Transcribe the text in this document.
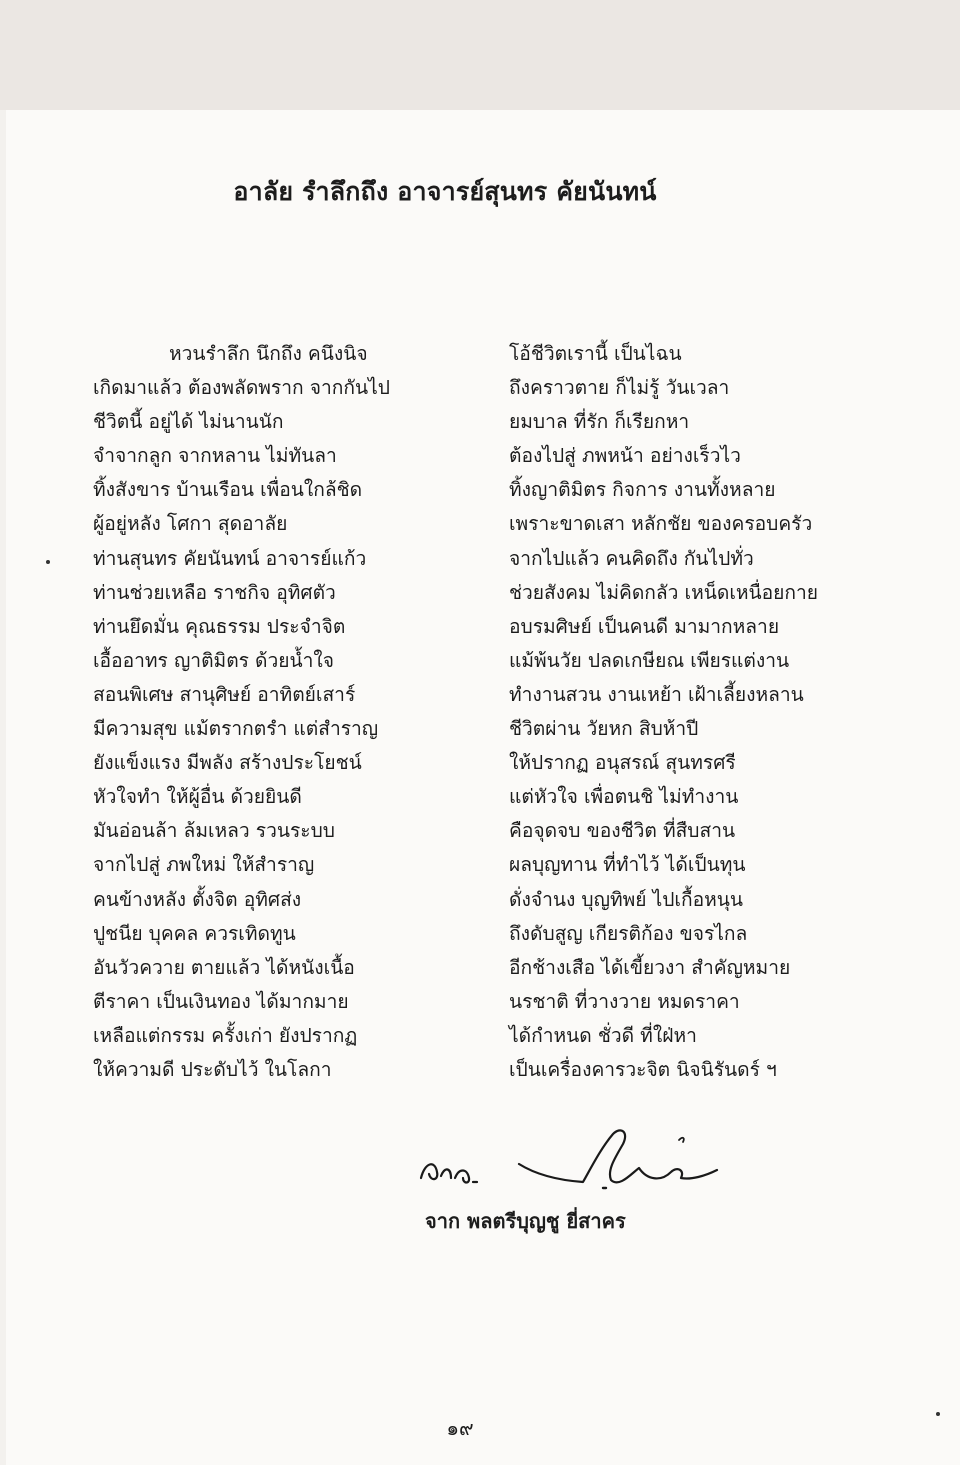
อาลัย รำลึกถึง อาจารย์สุนทร คัยนันทน์
หวนรำลึก นึกถึง คนึงนิจ
เกิดมาแล้ว ต้องพลัดพราก จากกันไป
ชีวิตนี้ อยู่ได้ ไม่นานนัก
จำจากลูก จากหลาน ไม่ทันลา
ทิ้งสังขาร บ้านเรือน เพื่อนใกล้ชิด
ผู้อยู่หลัง โศกา สุดอาลัย
ท่านสุนทร คัยนันทน์ อาจารย์แก้ว
ท่านช่วยเหลือ ราชกิจ อุทิศตัว
ท่านยึดมั่น คุณธรรม ประจำจิต
เอื้ออาทร ญาติมิตร ด้วยน้ำใจ
สอนพิเศษ สานุศิษย์ อาทิตย์เสาร์
มีความสุข แม้ตรากตรำ แต่สำราญ
ยังแข็งแรง มีพลัง สร้างประโยชน์
หัวใจทำ ให้ผู้อื่น ด้วยยินดี
มันอ่อนล้า ล้มเหลว รวนระบบ
จากไปสู่ ภพใหม่ ให้สำราญ
คนข้างหลัง ตั้งจิต อุทิศส่ง
ปูชนีย บุคคล ควรเทิดทูน
อันวัวควาย ตายแล้ว ได้หนังเนื้อ
ตีราคา เป็นเงินทอง ได้มากมาย
เหลือแต่กรรม ครั้งเก่า ยังปรากฏ
ให้ความดี ประดับไว้ ในโลกา
โอ้ชีวิตเรานี้ เป็นไฉน
ถึงคราวตาย ก็ไม่รู้ วันเวลา
ยมบาล ที่รัก ก็เรียกหา
ต้องไปสู่ ภพหน้า อย่างเร็วไว
ทิ้งญาติมิตร กิจการ งานทั้งหลาย
เพราะขาดเสา หลักชัย ของครอบครัว
จากไปแล้ว คนคิดถึง กันไปทั่ว
ช่วยสังคม ไม่คิดกลัว เหน็ดเหนื่อยกาย
อบรมศิษย์ เป็นคนดี มามากหลาย
แม้พ้นวัย ปลดเกษียณ เพียรแต่งาน
ทำงานสวน งานเหย้า เฝ้าเลี้ยงหลาน
ชีวิตผ่าน วัยหก สิบห้าปี
ให้ปรากฏ อนุสรณ์ สุนทรศรี
แต่หัวใจ เพื่อตนชิ ไม่ทำงาน
คือจุดจบ ของชีวิต ที่สืบสาน
ผลบุญทาน ที่ทำไว้ ได้เป็นทุน
ดั่งจำนง บุญทิพย์ ไปเกื้อหนุน
ถึงดับสูญ เกียรติก้อง ขจรไกล
อีกช้างเสือ ได้เขี้ยวงา สำคัญหมาย
นรชาติ ที่วางวาย หมดราคา
ได้กำหนด ชั่วดี ที่ใฝ่หา
เป็นเครื่องคารวะจิต นิจนิรันดร์ ฯ
จาก พลตรีบุญชู ยี่สาคร
๑๙
